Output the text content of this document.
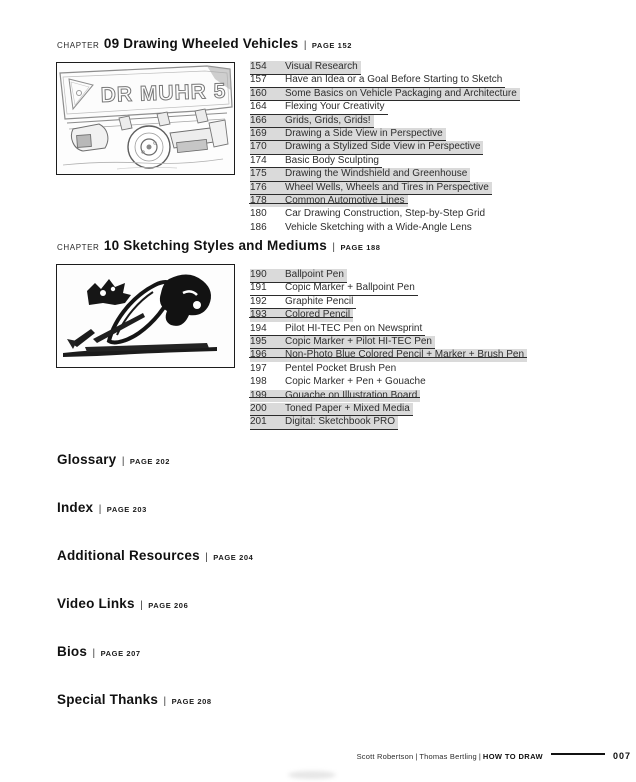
CHAPTER 09 Drawing Wheeled Vehicles | PAGE 152
DR MUHR 5
154 Visual Research
157 Have an Idea or a Goal Before Starting to Sketch
160 Some Basics on Vehicle Packaging and Architecture
164 Flexing Your Creativity
166 Grids, Grids, Grids!
169 Drawing a Side View in Perspective
170 Drawing a Stylized Side View in Perspective
174 Basic Body Sculpting
175 Drawing the Windshield and Greenhouse
176 Wheel Wells, Wheels and Tires in Perspective
178 Common Automotive Lines
180 Car Drawing Construction, Step-by-Step Grid
186 Vehicle Sketching with a Wide-Angle Lens
CHAPTER 10 Sketching Styles and Mediums | PAGE 188
190 Ballpoint Pen
191 Copic Marker + Ballpoint Pen
192 Graphite Pencil
193 Colored Pencil
194 Pilot HI-TEC Pen on Newsprint
195 Copic Marker + Pilot HI-TEC Pen
196 Non-Photo Blue Colored Pencil + Marker + Brush Pen
197 Pentel Pocket Brush Pen
198 Copic Marker + Pen + Gouache
199 Gouache on Illustration Board
200 Toned Paper + Mixed Media
201 Digital: Sketchbook PRO
Glossary | PAGE 202
Index | PAGE 203
Additional Resources | PAGE 204
Video Links | PAGE 206
Bios | PAGE 207
Special Thanks | PAGE 208
Scott Robertson | Thomas Bertling | HOW TO DRAW	007
